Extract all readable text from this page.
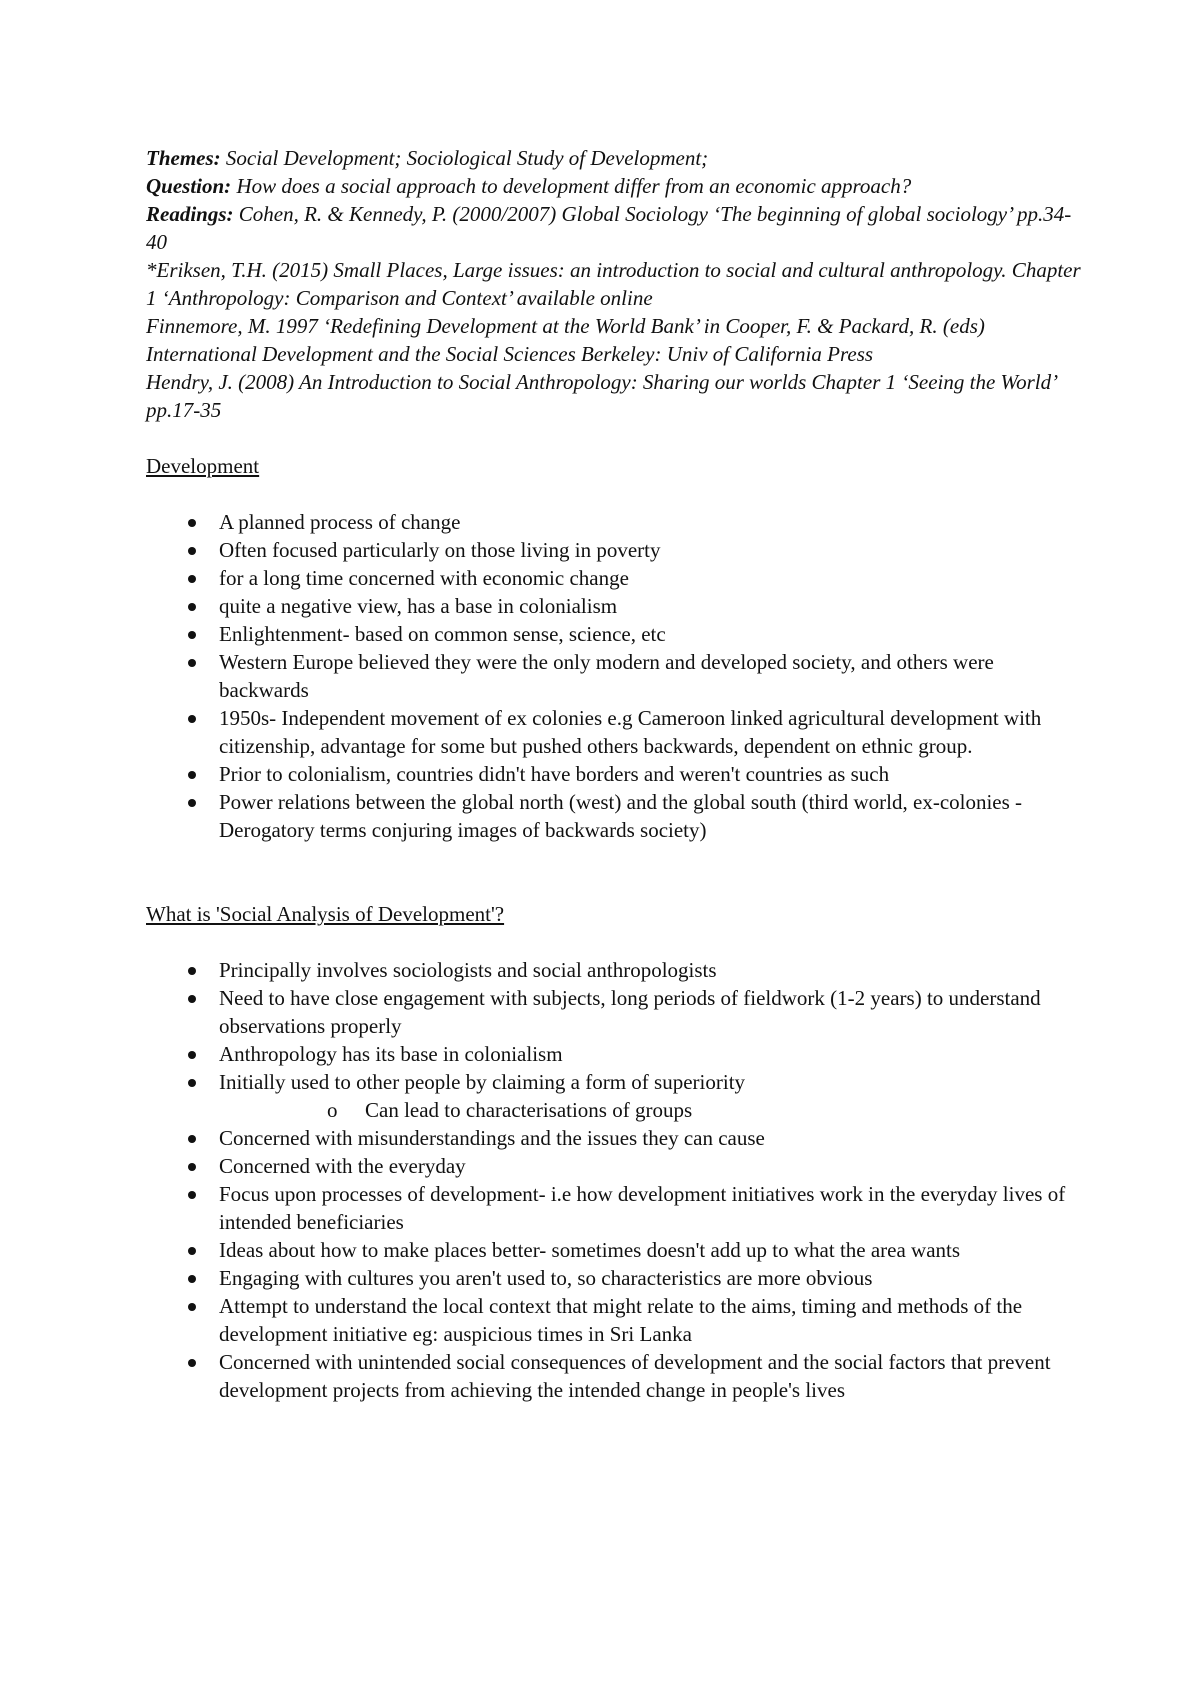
Themes: Social Development; Sociological Study of Development;

Question: How does a social approach to development differ from an economic approach?

Readings: Cohen, R. & Kennedy, P. (2000/2007) Global Sociology ‘The beginning of global sociology’ pp.34- 40

*Eriksen, T.H. (2015) Small Places, Large issues: an introduction to social and cultural anthropology. Chapter 1 ‘Anthropology: Comparison and Context’ available online

Finnemore, M. 1997 ‘Redefining Development at the World Bank’ in Cooper, F. & Packard, R. (eds) International Development and the Social Sciences Berkeley: Univ of California Press

Hendry, J. (2008) An Introduction to Social Anthropology: Sharing our worlds Chapter 1 ‘Seeing the World’ pp.17-35

Development

A planned process of change
Often focused particularly on those living in poverty
for a long time concerned with economic change
quite a negative view, has a base in colonialism
Enlightenment- based on common sense, science, etc
Western Europe believed they were the only modern and developed society, and others were backwards
1950s- Independent movement of ex colonies e.g Cameroon linked agricultural development with citizenship, advantage for some but pushed others backwards, dependent on ethnic group.
Prior to colonialism, countries didn't have borders and weren't countries as such
Power relations between the global north (west) and the global south (third world, ex-colonies - Derogatory terms conjuring images of backwards society)

What is 'Social Analysis of Development'?

Principally involves sociologists and social anthropologists
Need to have close engagement with subjects, long periods of fieldwork (1-2 years) to understand observations properly
Anthropology has its base in colonialism
Initially used to other people by claiming a form of superiority
o Can lead to characterisations of groups
Concerned with misunderstandings and the issues they can cause
Concerned with the everyday
Focus upon processes of development- i.e how development initiatives work in the everyday lives of intended beneficiaries
Ideas about how to make places better- sometimes doesn't add up to what the area wants
Engaging with cultures you aren't used to, so characteristics are more obvious
Attempt to understand the local context that might relate to the aims, timing and methods of the development initiative eg: auspicious times in Sri Lanka
Concerned with unintended social consequences of development and the social factors that prevent development projects from achieving the intended change in people's lives
